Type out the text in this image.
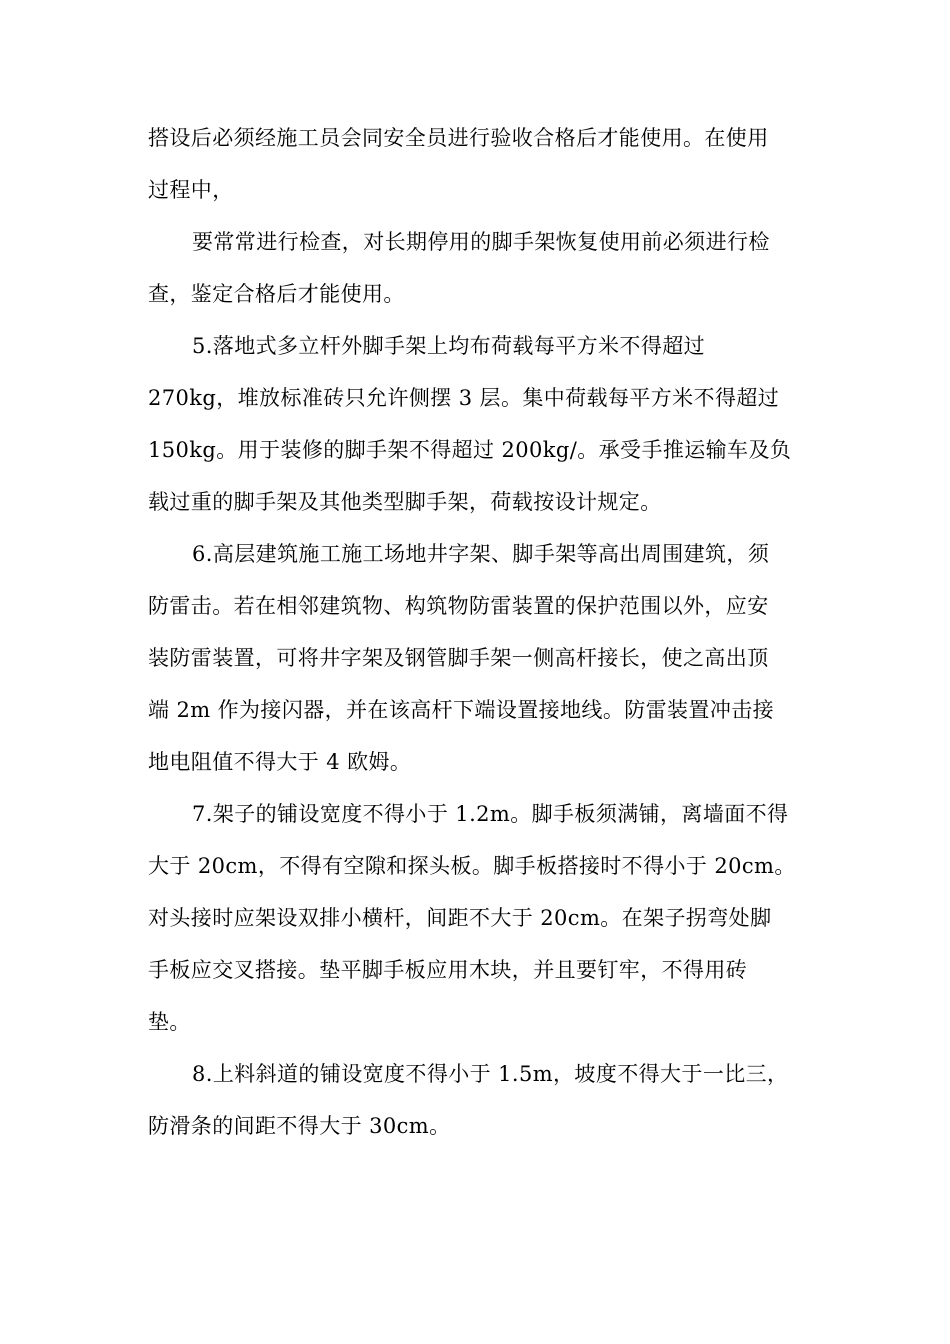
搭设后必须经施工员会同安全员进行验收合格后才能使用。在使用
过程中，

要常常进行检查，对长期停用的脚手架恢复使用前必须进行检
查，鉴定合格后才能使用。

5.落地式多立杆外脚手架上均布荷载每平方米不得超过
270kg，堆放标准砖只允许侧摆 3 层。集中荷载每平方米不得超过
150kg。用于装修的脚手架不得超过 200kg/。承受手推运输车及负
载过重的脚手架及其他类型脚手架，荷载按设计规定。

6.高层建筑施工施工场地井字架、脚手架等高出周围建筑，须
防雷击。若在相邻建筑物、构筑物防雷装置的保护范围以外，应安
装防雷装置，可将井字架及钢管脚手架一侧高杆接长，使之高出顶
端 2m 作为接闪器，并在该高杆下端设置接地线。防雷装置冲击接
地电阻值不得大于 4 欧姆。

7.架子的铺设宽度不得小于 1.2m。脚手板须满铺，离墙面不得
大于 20cm，不得有空隙和探头板。脚手板搭接时不得小于 20cm。
对头接时应架设双排小横杆，间距不大于 20cm。在架子拐弯处脚
手板应交叉搭接。垫平脚手板应用木块，并且要钉牢，不得用砖
垫。

8.上料斜道的铺设宽度不得小于 1.5m，坡度不得大于一比三，
防滑条的间距不得大于 30cm。
